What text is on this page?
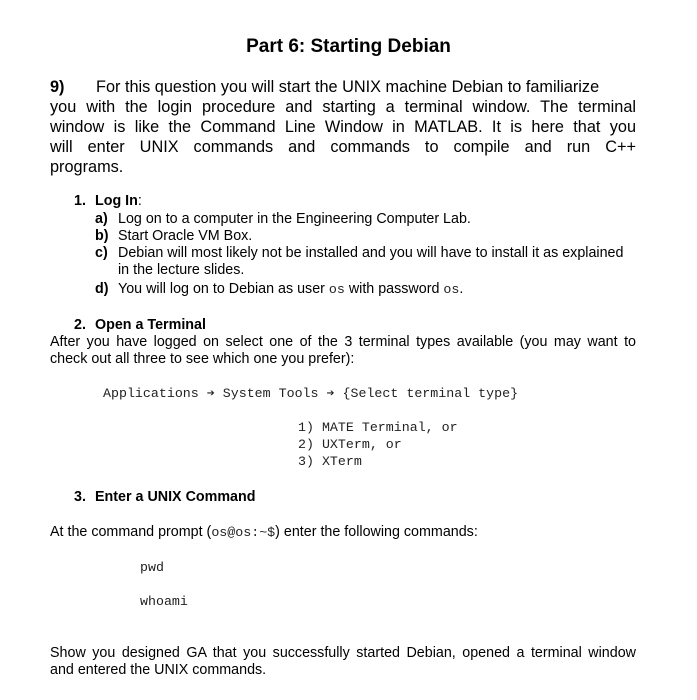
Part 6: Starting Debian
9) For this question you will start the UNIX machine Debian to familiarize
you with the login procedure and starting a terminal window. The terminal
window is like the Command Line Window in MATLAB. It is here that you
will enter UNIX commands and commands to compile and run C++
programs.
1. Log In:
a) Log on to a computer in the Engineering Computer Lab.
b) Start Oracle VM Box.
c) Debian will most likely not be installed and you will have to install it as explained
in the lecture slides.
d) You will log on to Debian as user os with password os.
2. Open a Terminal
After you have logged on select one of the 3 terminal types available (you may want to
check out all three to see which one you prefer):
Applications ➔ System Tools ➔ {Select terminal type}
1) MATE Terminal, or
2) UXTerm, or
3) XTerm
3. Enter a UNIX Command
At the command prompt (os@os:~$) enter the following commands:
pwd
whoami
Show you designed GA that you successfully started Debian, opened a terminal window
and entered the UNIX commands.
